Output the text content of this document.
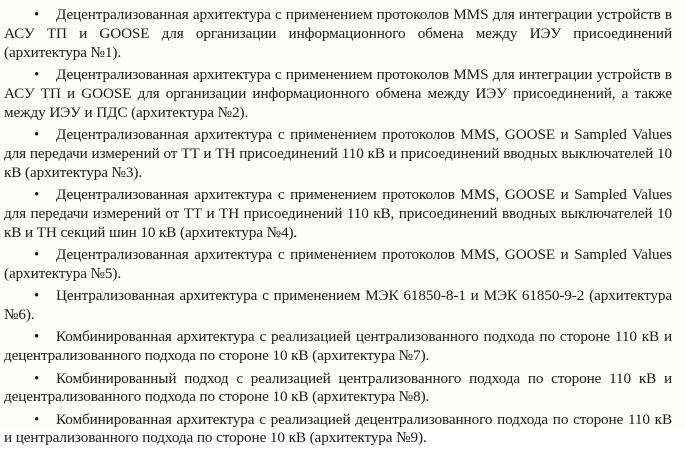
• Децентрализованная архитектура с применением протоколов MMS для интеграции устройств в АСУ ТП и GOOSE для организации информационного обмена между ИЭУ присоединений (архитектура №1).
• Децентрализованная архитектура с применением протоколов MMS для интеграции устройств в АСУ ТП и GOOSE для организации информационного обмена между ИЭУ присоединений, а также между ИЭУ и ПДС (архитектура №2).
• Децентрализованная архитектура с применением протоколов MMS, GOOSE и Sampled Values для передачи измерений от ТТ и ТН присоединений 110 кВ и присоединений вводных выключателей 10 кВ (архитектура №3).
• Децентрализованная архитектура с применением протоколов MMS, GOOSE и Sampled Values для передачи измерений от ТТ и ТН присоединений 110 кВ, присоединений вводных выключателей 10 кВ и ТН секций шин 10 кВ (архитектура №4).
• Децентрализованная архитектура с применением протоколов MMS, GOOSE и Sampled Values (архитектура №5).
• Централизованная архитектура с применением МЭК 61850-8-1 и МЭК 61850-9-2 (архитектура №6).
• Комбинированная архитектура с реализацией централизованного подхода по стороне 110 кВ и децентрализованного подхода по стороне 10 кВ (архитектура №7).
• Комбинированный подход с реализацией централизованного подхода по стороне 110 кВ и децентрализованного подхода по стороне 10 кВ (архитектура №8).
• Комбинированная архитектура с реализацией децентрализованного подхода по стороне 110 кВ и централизованного подхода по стороне 10 кВ (архитектура №9).
